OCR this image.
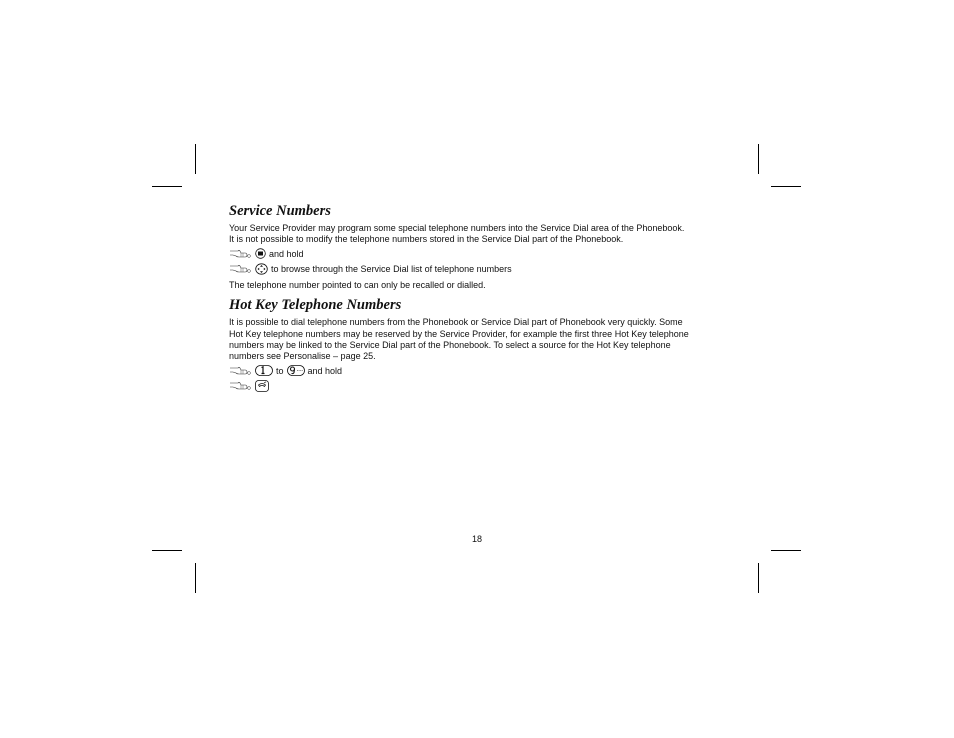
Service Numbers

Your Service Provider may program some special telephone numbers into the Service Dial area of the Phonebook.

It is not possible to modify the telephone numbers stored in the Service Dial part of the Phonebook.

and hold
to browse through the Service Dial list of telephone numbers

The telephone number pointed to can only be recalled or dialled.

Hot Key Telephone Numbers

It is possible to dial telephone numbers from the Phonebook or Service Dial part of Phonebook very quickly. Some

Hot Key telephone numbers may be reserved by the Service Provider, for example the first three Hot Key telephone

numbers may be linked to the Service Dial part of the Phonebook. To select a source for the Hot Key telephone

numbers see Personalise – page 25.

to	and hold
18
